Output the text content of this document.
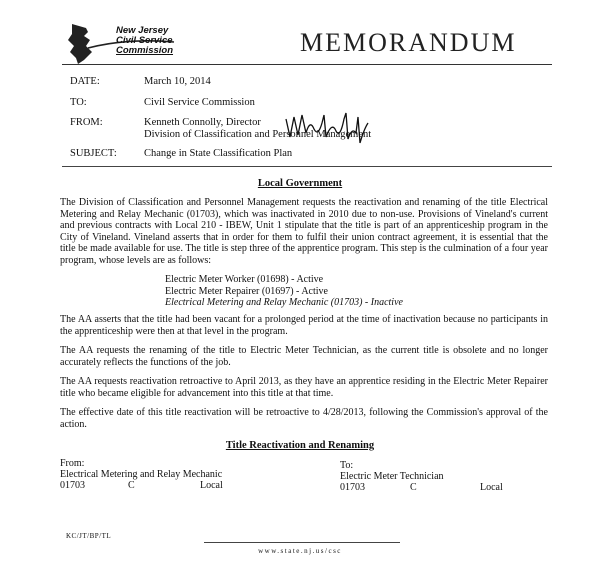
New Jersey
Civil Service
Commission	MEMORANDUM
DATE:	March 10, 2014
TO:	Civil Service Commission
FROM:	Kenneth Connolly, Director
Division of Classification and Personnel Management
SUBJECT:	Change in State Classification Plan
Local Government
The Division of Classification and Personnel Management requests the reactivation and renaming of the title Electrical Metering and Relay Mechanic (01703), which was inactivated in 2010 due to non-use. Provisions of Vineland's current and previous contracts with Local 210 - IBEW, Unit 1 stipulate that the title is part of an apprenticeship program in the City of Vineland. Vineland asserts that in order for them to fulfil their union contract agreement, it is essential that the title be made available for use. The title is step three of the apprentice program. This step is the culmination of a four year program, whose levels are as follows:
Electric Meter Worker (01698) - Active
Electric Meter Repairer (01697) - Active
Electrical Metering and Relay Mechanic (01703) - Inactive
The AA asserts that the title had been vacant for a prolonged period at the time of inactivation because no participants in the apprenticeship were then at that level in the program.
The AA requests the renaming of the title to Electric Meter Technician, as the current title is obsolete and no longer accurately reflects the functions of the job.
The AA requests reactivation retroactive to April 2013, as they have an apprentice residing in the Electric Meter Repairer title who became eligible for advancement into this title at that time.
The effective date of this title reactivation will be retroactive to 4/28/2013, following the Commission's approval of the action.
Title Reactivation and Renaming
From:
Electrical Metering and Relay Mechanic
01703	C	Local
To:
Electric Meter Technician
01703	C	Local
KC/JT/BP/TL
www.state.nj.us/csc
